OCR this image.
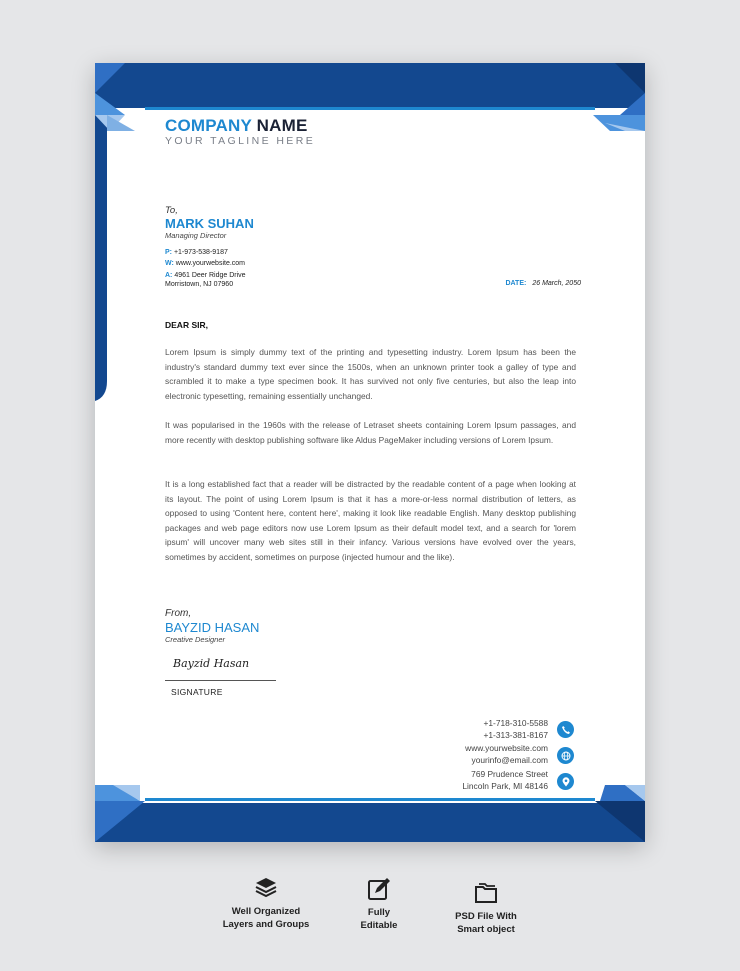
COMPANY NAME
YOUR TAGLINE HERE
To,
MARK SUHAN
Managing Director
P: +1-973-538-9187
W: www.yourwebsite.com
A: 4961 Deer Ridge Drive
Morristown, NJ 07960	DATE: 26 March, 2050
DEAR SIR,
Lorem Ipsum is simply dummy text of the printing and typesetting industry. Lorem Ipsum has been the industry's standard dummy text ever since the 1500s, when an unknown printer took a galley of type and scrambled it to make a type specimen book. It has survived not only five centuries, but also the leap into electronic typesetting, remaining essentially unchanged.
It was popularised in the 1960s with the release of Letraset sheets containing Lorem Ipsum passages, and more recently with desktop publishing software like Aldus PageMaker including versions of Lorem Ipsum.
It is a long established fact that a reader will be distracted by the readable content of a page when looking at its layout. The point of using Lorem Ipsum is that it has a more-or-less normal distribution of letters, as opposed to using 'Content here, content here', making it look like readable English. Many desktop publishing packages and web page editors now use Lorem Ipsum as their default model text, and a search for 'lorem ipsum' will uncover many web sites still in their infancy. Various versions have evolved over the years, sometimes by accident, sometimes on purpose (injected humour and the like).
From,
BAYZID HASAN
Creative Designer
Bayzid Hasan
SIGNATURE
+1-718-310-5588
+1-313-381-8167
www.yourwebsite.com
yourinfo@email.com
769 Prudence Street
Lincoln Park, MI 48146
Well Organized
Layers and Groups
Fully
Editable
PSD File With
Smart object
